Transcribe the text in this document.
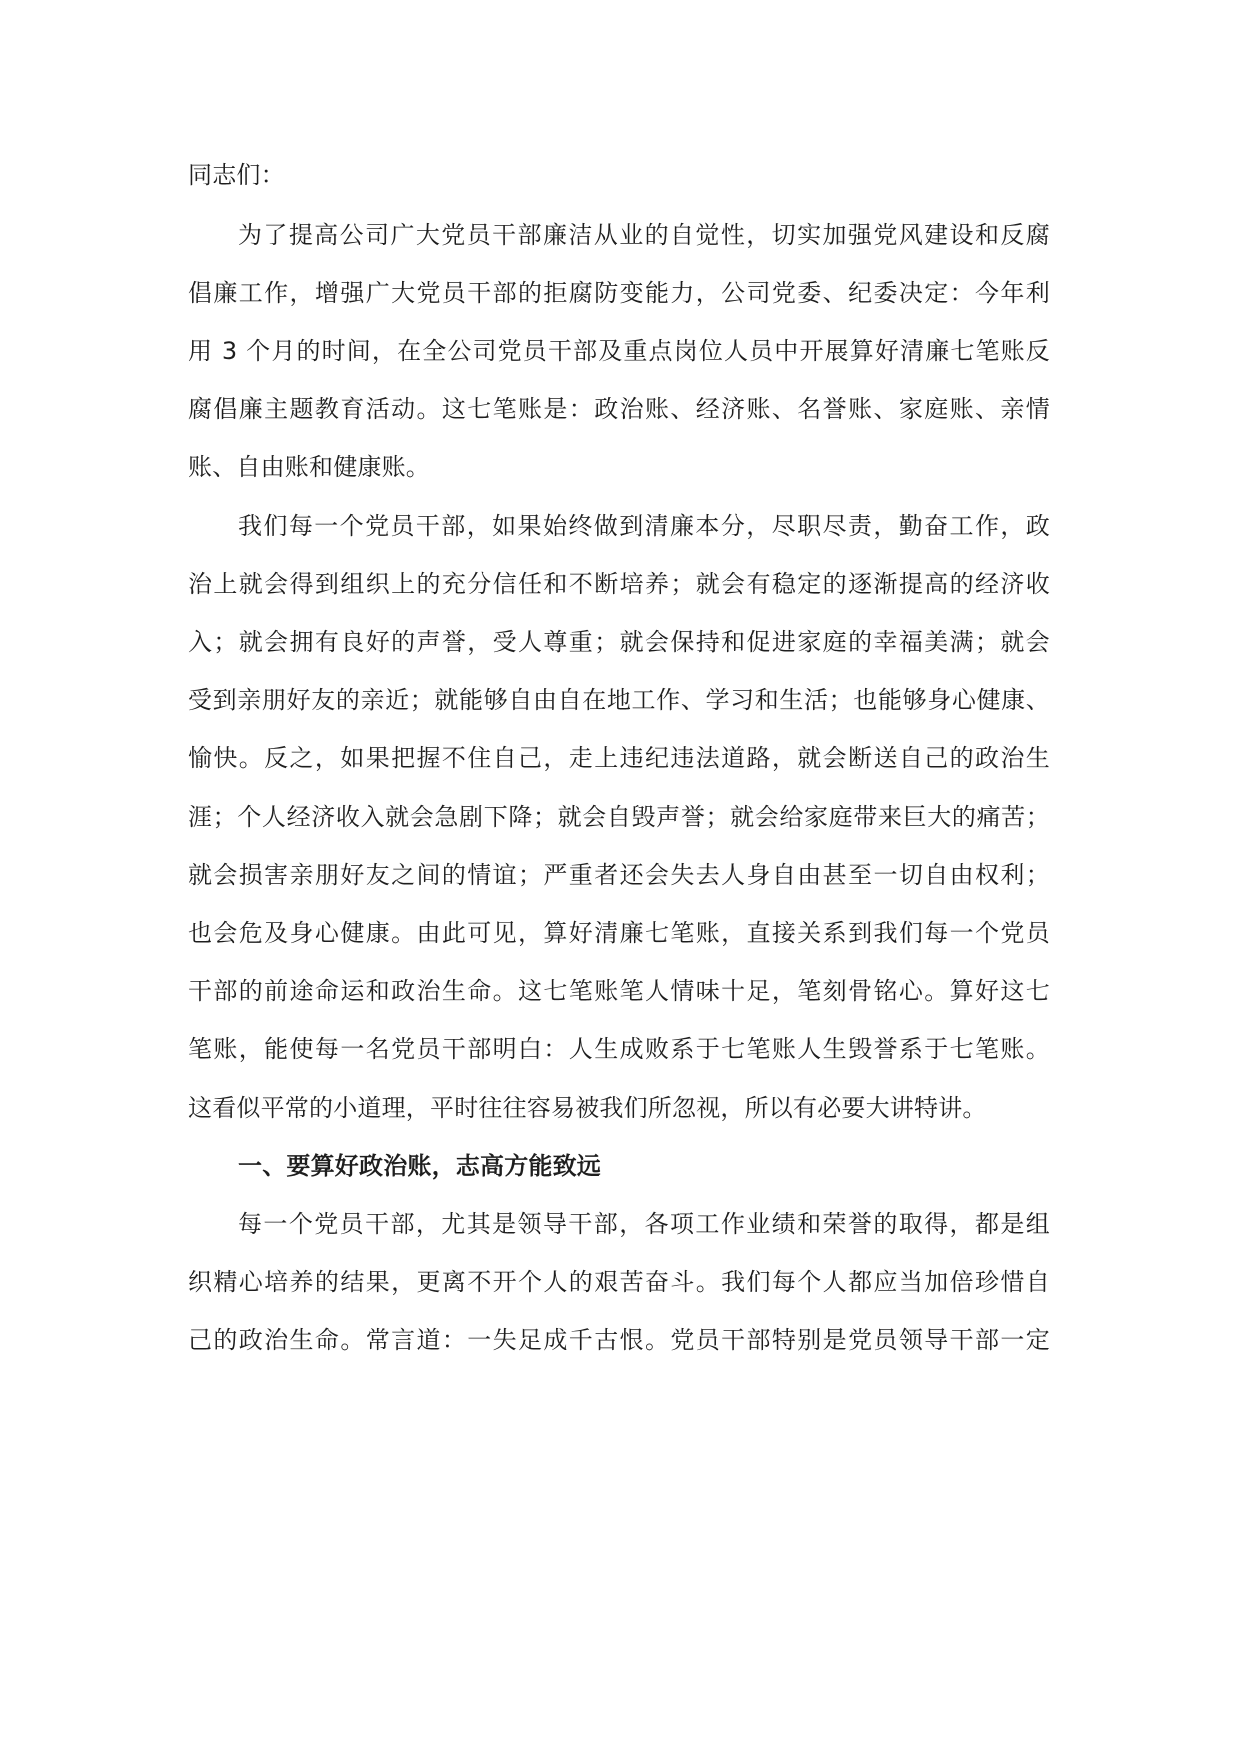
同志们：
为了提高公司广大党员干部廉洁从业的自觉性，切实加强党风建设和反腐
倡廉工作，增强广大党员干部的拒腐防变能力，公司党委、纪委决定：今年利
用 3 个月的时间，在全公司党员干部及重点岗位人员中开展算好清廉七笔账反
腐倡廉主题教育活动。这七笔账是：政治账、经济账、名誉账、家庭账、亲情
账、自由账和健康账。
我们每一个党员干部，如果始终做到清廉本分，尽职尽责，勤奋工作，政
治上就会得到组织上的充分信任和不断培养；就会有稳定的逐渐提高的经济收
入；就会拥有良好的声誉，受人尊重；就会保持和促进家庭的幸福美满；就会
受到亲朋好友的亲近；就能够自由自在地工作、学习和生活；也能够身心健康、
愉快。反之，如果把握不住自己，走上违纪违法道路，就会断送自己的政治生
涯；个人经济收入就会急剧下降；就会自毁声誉；就会给家庭带来巨大的痛苦；
就会损害亲朋好友之间的情谊；严重者还会失去人身自由甚至一切自由权利；
也会危及身心健康。由此可见，算好清廉七笔账，直接关系到我们每一个党员
干部的前途命运和政治生命。这七笔账笔人情味十足，笔刻骨铭心。算好这七
笔账，能使每一名党员干部明白：人生成败系于七笔账人生毁誉系于七笔账。
这看似平常的小道理，平时往往容易被我们所忽视，所以有必要大讲特讲。
一、要算好政治账，志高方能致远
每一个党员干部，尤其是领导干部，各项工作业绩和荣誉的取得，都是组
织精心培养的结果，更离不开个人的艰苦奋斗。我们每个人都应当加倍珍惜自
己的政治生命。常言道：一失足成千古恨。党员干部特别是党员领导干部一定
